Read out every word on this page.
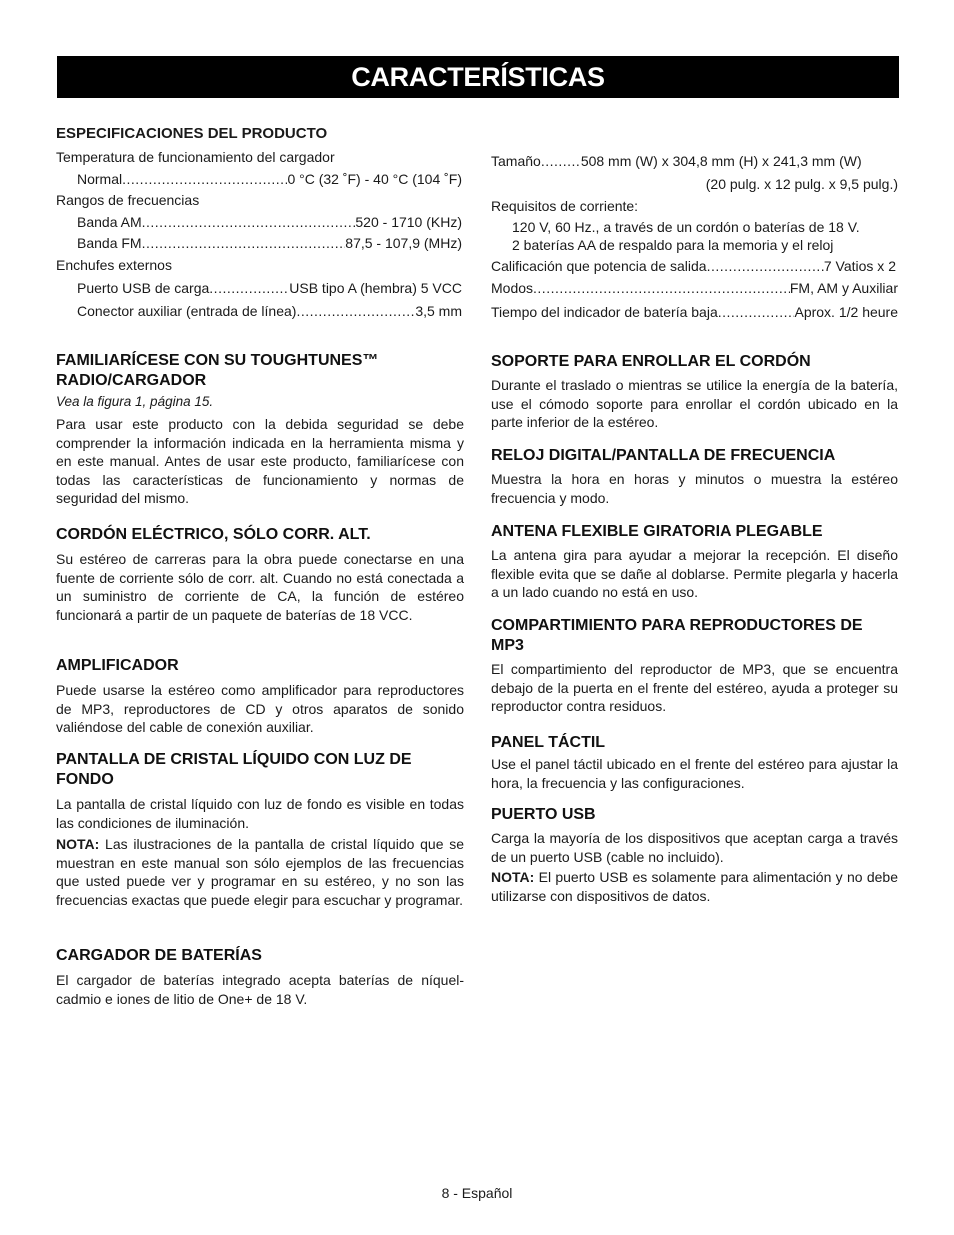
CARACTERÍSTICAS
ESPECIFICACIONES DEL PRODUCTO
Temperatura de funcionamiento del cargador
Normal .....	0 °C (32 ˚F) - 40 °C (104 ˚F)
Rangos de frecuencias
Banda AM .....	520 - 1710 (KHz)
Banda FM .....	87,5 - 107,9 (MHz)
Enchufes externos
Puerto USB de carga .....	USB tipo A (hembra) 5 VCC
Conector auxiliar (entrada de línea) .....	3,5 mm
Tamaño .....	508 mm (W) x 304,8 mm (H) x 241,3 mm (W)
(20 pulg. x 12 pulg. x 9,5 pulg.)
Requisitos de corriente:
120 V, 60 Hz., a través de un cordón o baterías de 18 V.
2 baterías AA de respaldo para la memoria y el reloj
Calificación que potencia de salida .....	7 Vatios x 2
Modos .....	FM, AM y Auxiliar
Tiempo del indicador de batería baja .....	Aprox. 1/2 heure
FAMILIARÍCESE CON SU TOUGHTUNES™ RADIO/CARGADOR
Vea la figura 1, página 15.
Para usar este producto con la debida seguridad se debe comprender la información indicada en la herramienta misma y en este manual. Antes de usar este producto, familiarícese con todas las características de funcionamiento y normas de seguridad del mismo.
CORDÓN ELÉCTRICO, SÓLO CORR. ALT.
Su estéreo de carreras para la obra puede conectarse en una fuente de corriente sólo de corr. alt. Cuando no está conectada a un suministro de corriente de CA, la función de estéreo funcionará a partir de un paquete de baterías de 18 VCC.
AMPLIFICADOR
Puede usarse la estéreo como amplificador para reproductores de MP3, reproductores de CD y otros aparatos de sonido valiéndose del cable de conexión auxiliar.
PANTALLA DE CRISTAL LÍQUIDO CON LUZ DE FONDO
La pantalla de cristal líquido con luz de fondo es visible en todas las condiciones de iluminación.
NOTA: Las ilustraciones de la pantalla de cristal líquido que se muestran en este manual son sólo ejemplos de las frecuencias que usted puede ver y programar en su estéreo, y no son las frecuencias exactas que puede elegir para escuchar y programar.
CARGADOR DE BATERÍAS
El cargador de baterías integrado acepta baterías de níquel-cadmio e iones de litio de One+ de 18 V.
SOPORTE PARA ENROLLAR EL CORDÓN
Durante el traslado o mientras se utilice la energía de la batería, use el cómodo soporte para enrollar el cordón ubicado en la parte inferior de la estéreo.
RELOJ DIGITAL/PANTALLA DE FRECUENCIA
Muestra la hora en horas y minutos o muestra la estéreo frecuencia y modo.
ANTENA FLEXIBLE GIRATORIA PLEGABLE
La antena gira para ayudar a mejorar la recepción. El diseño flexible evita que se dañe al doblarse. Permite plegarla y hacerla a un lado cuando no está en uso.
COMPARTIMIENTO PARA REPRODUCTORES DE MP3
El compartimiento del reproductor de MP3, que se encuentra debajo de la puerta en el frente del estéreo, ayuda a proteger su reproductor contra residuos.
PANEL TÁCTIL
Use el panel táctil ubicado en el frente del estéreo para ajustar la hora, la frecuencia y las configuraciones.
PUERTO USB
Carga la mayoría de los dispositivos que aceptan carga a través de un puerto USB (cable no incluido).
NOTA: El puerto USB es solamente para alimentación y no debe utilizarse con dispositivos de datos.
8 - Español
